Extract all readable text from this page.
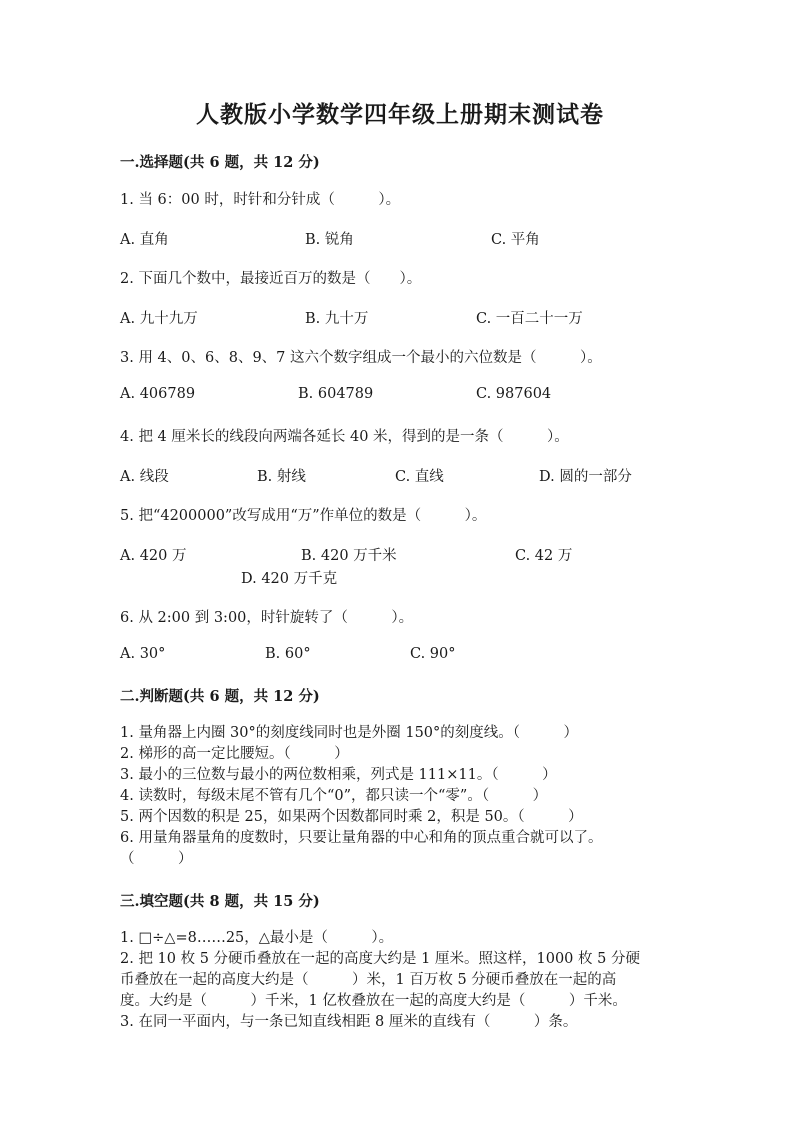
人教版小学数学四年级上册期末测试卷
一.选择题(共 6 题，共 12 分)
1. 当 6：00 时，时针和分针成（　　　）。
A. 直角	B. 锐角	C. 平角
2. 下面几个数中，最接近百万的数是（　　）。
A. 九十九万	B. 九十万	C. 一百二十一万
3. 用 4、0、6、8、9、7 这六个数字组成一个最小的六位数是（　　　）。
A. 406789	B. 604789	C. 987604
4. 把 4 厘米长的线段向两端各延长 40 米，得到的是一条（　　　）。
A. 线段	B. 射线	C. 直线	D. 圆的一部分
5. 把“4200000”改写成用“万”作单位的数是（　　　）。
A. 420 万	B. 420 万千米	C. 42 万
D. 420 万千克
6. 从 2:00 到 3:00，时针旋转了（　　　）。
A. 30°	B. 60°	C. 90°
二.判断题(共 6 题，共 12 分)
1. 量角器上内圈 30°的刻度线同时也是外圈 150°的刻度线。（　　　）
2. 梯形的高一定比腰短。（　　　）
3. 最小的三位数与最小的两位数相乘，列式是 111×11。（　　　）
4. 读数时，每级末尾不管有几个“0”，都只读一个“零”。（　　　）
5. 两个因数的积是 25，如果两个因数都同时乘 2，积是 50。（　　　）
6. 用量角器量角的度数时，只要让量角器的中心和角的顶点重合就可以了。
（　　　）
三.填空题(共 8 题，共 15 分)
1. □÷△=8……25，△最小是（　　　）。
2. 把 10 枚 5 分硬币叠放在一起的高度大约是 1 厘米。照这样，1000 枚 5 分硬
币叠放在一起的高度大约是（　　　）米，1 百万枚 5 分硬币叠放在一起的高
度。大约是（　　　）千米，1 亿枚叠放在一起的高度大约是（　　　）千米。
3. 在同一平面内，与一条已知直线相距 8 厘米的直线有（　　　）条。
